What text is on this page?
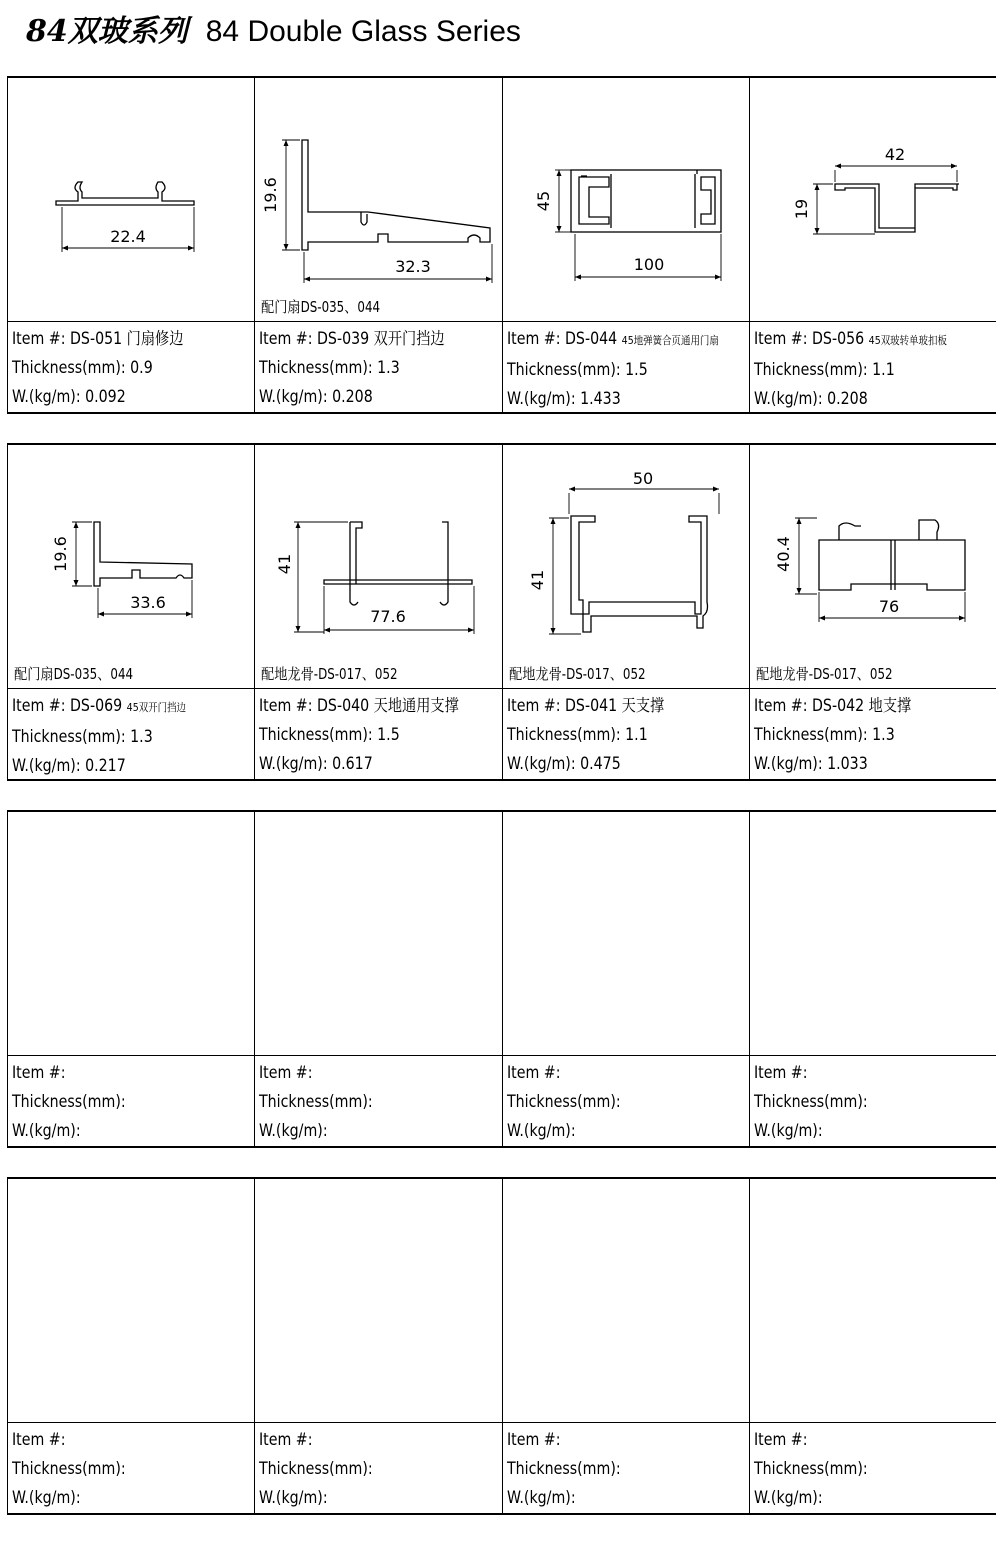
84双玻系列 84 Double Glass Series
22.4
Item #: DS-051 门扇修边
Thickness(mm): 0.9
W.(kg/m): 0.092
19.6
32.3
配门扇DS-035、044
Item #: DS-039 双开门挡边
Thickness(mm): 1.3
W.(kg/m): 0.208
45
100
Item #: DS-044 45地弹簧合页通用门扇
Thickness(mm): 1.5
W.(kg/m): 1.433
42
19
Item #: DS-056 45双玻转单玻扣板
Thickness(mm): 1.1
W.(kg/m): 0.208
19.6
33.6
配门扇DS-035、044
Item #: DS-069 45双开门挡边
Thickness(mm): 1.3
W.(kg/m): 0.217
41
77.6
配地龙骨-DS-017、052
Item #: DS-040 天地通用支撑
Thickness(mm): 1.5
W.(kg/m): 0.617
50
41
配地龙骨-DS-017、052
Item #: DS-041 天支撑
Thickness(mm): 1.1
W.(kg/m): 0.475
40.4
76
配地龙骨-DS-017、052
Item #: DS-042 地支撑
Thickness(mm): 1.3
W.(kg/m): 1.033
Item #:
Thickness(mm):
W.(kg/m):
Item #:
Thickness(mm):
W.(kg/m):
Item #:
Thickness(mm):
W.(kg/m):
Item #:
Thickness(mm):
W.(kg/m):
Item #:
Thickness(mm):
W.(kg/m):
Item #:
Thickness(mm):
W.(kg/m):
Item #:
Thickness(mm):
W.(kg/m):
Item #:
Thickness(mm):
W.(kg/m):
